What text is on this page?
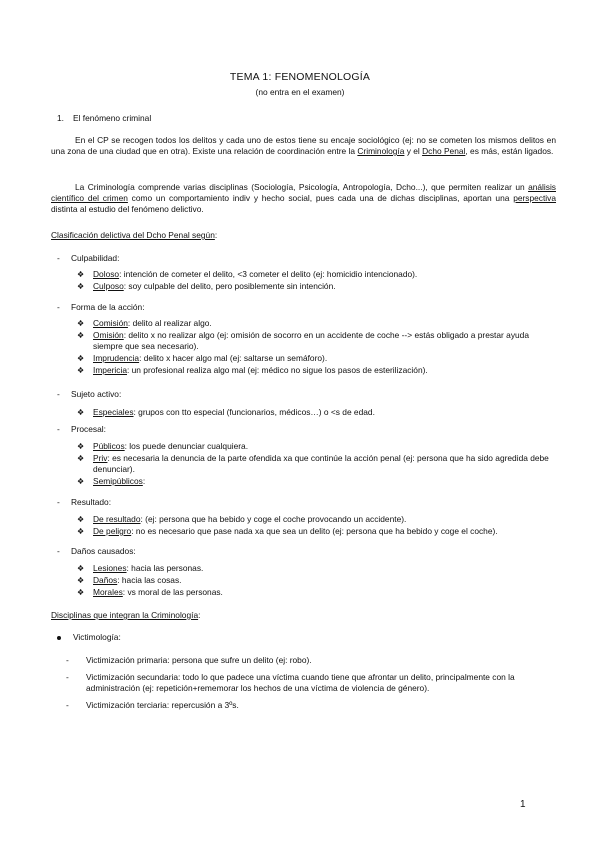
TEMA 1: FENOMENOLOGÍA
(no entra en el examen)
1. El fenómeno criminal
En el CP se recogen todos los delitos y cada uno de estos tiene su encaje sociológico (ej: no se cometen los mismos delitos en una zona de una ciudad que en otra). Existe una relación de coordinación entre la Criminología y el Dcho Penal, es más, están ligados.
La Criminología comprende varias disciplinas (Sociología, Psicología, Antropología, Dcho...), que permiten realizar un análisis científico del crimen como un comportamiento indiv y hecho social, pues cada una de dichas disciplinas, aportan una perspectiva distinta al estudio del fenómeno delictivo.
Clasificación delictiva del Dcho Penal según:
- Culpabilidad:
❖ Doloso: intención de cometer el delito, <3 cometer el delito (ej: homicidio intencionado).
❖ Culposo: soy culpable del delito, pero posiblemente sin intención.
- Forma de la acción:
❖ Comisión: delito al realizar algo.
❖ Omisión: delito x no realizar algo (ej: omisión de socorro en un accidente de coche --> estás obligado a prestar ayuda siempre que sea necesario).
❖ Imprudencia: delito x hacer algo mal (ej: saltarse un semáforo).
❖ Impericia: un profesional realiza algo mal (ej: médico no sigue los pasos de esterilización).
- Sujeto activo:
❖ Especiales: grupos con tto especial (funcionarios, médicos…) o <s de edad.
- Procesal:
❖ Públicos: los puede denunciar cualquiera.
❖ Priv: es necesaria la denuncia de la parte ofendida xa que continúe la acción penal (ej: persona que ha sido agredida debe denunciar).
❖ Semipúblicos:
- Resultado:
❖ De resultado: (ej: persona que ha bebido y coge el coche provocando un accidente).
❖ De peligro: no es necesario que pase nada xa que sea un delito (ej: persona que ha bebido y coge el coche).
- Daños causados:
❖ Lesiones: hacia las personas.
❖ Daños: hacia las cosas.
❖ Morales: vs moral de las personas.
Disciplinas que integran la Criminología:
Victimología:
- Victimización primaria: persona que sufre un delito (ej: robo).
- Victimización secundaria: todo lo que padece una víctima cuando tiene que afrontar un delito, principalmente con la administración (ej: repetición+rememorar los hechos de una víctima de violencia de género).
- Victimización terciaria: repercusión a 3ºs.
1
